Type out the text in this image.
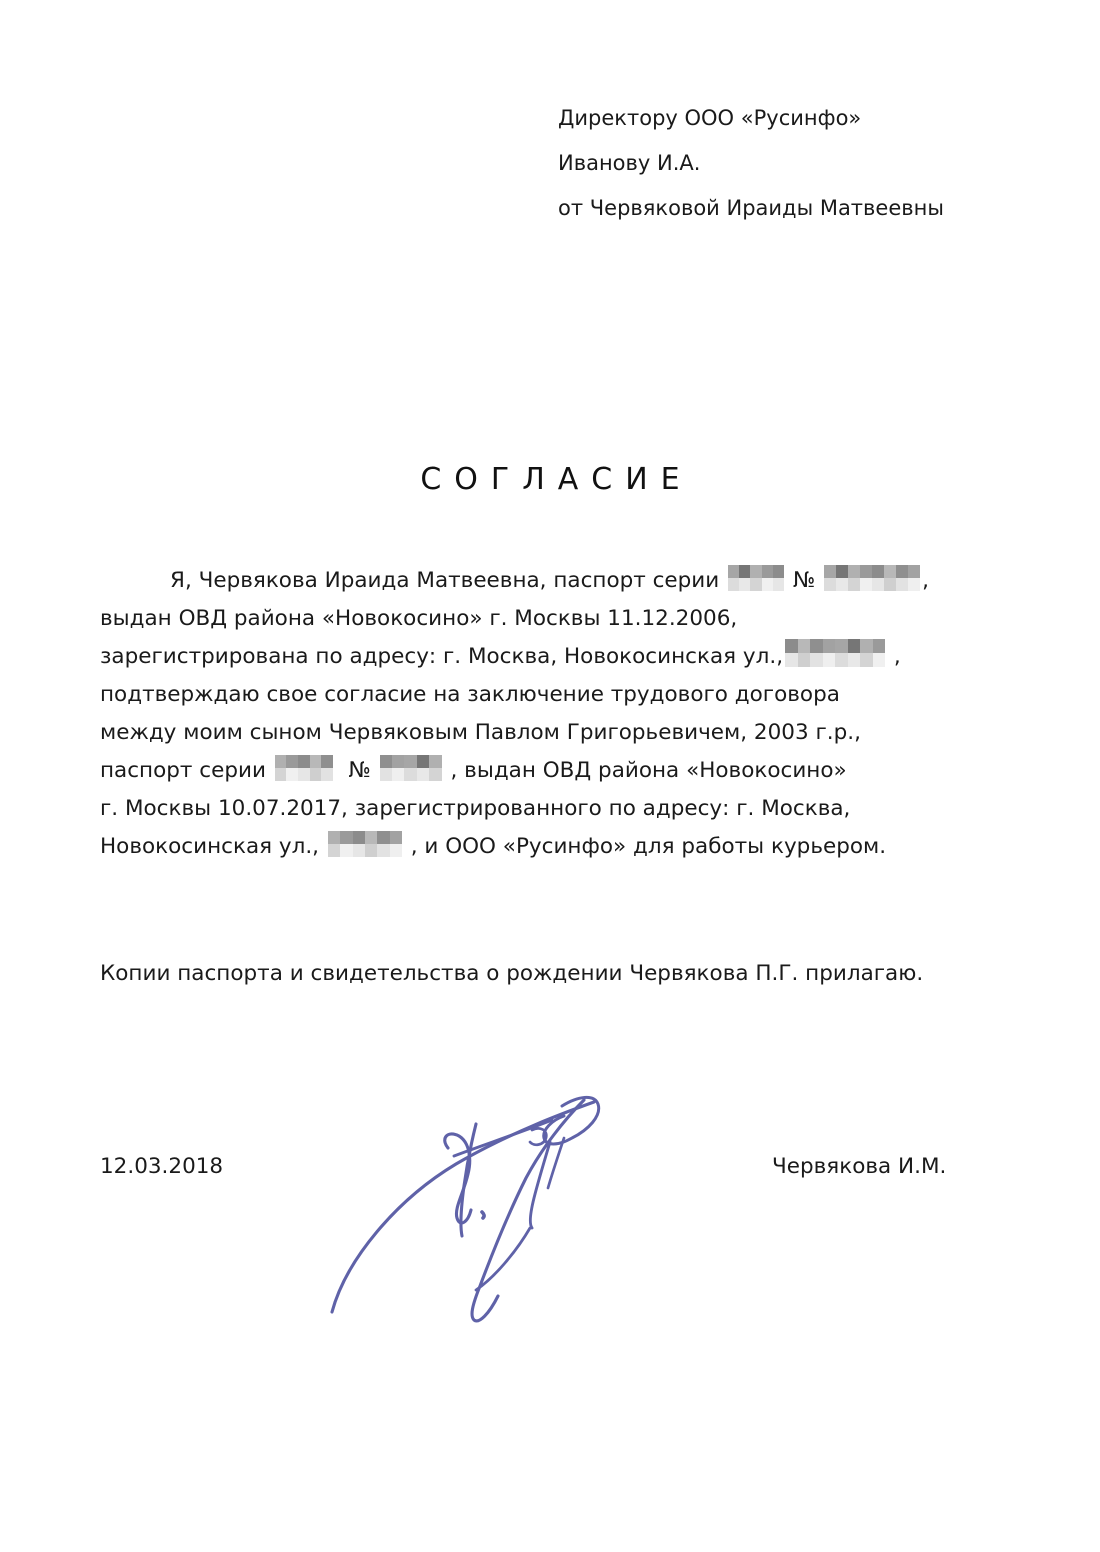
Директору ООО «Русинфо»
Иванову И.А.
от Червяковой Ираиды Матвеевны
СОГЛАСИЕ
Я, Червякова Ираида Матвеевна, паспорт серии	№	,
выдан ОВД района «Новокосино» г. Москвы 11.12.2006,
зарегистрирована по адресу: г. Москва, Новокосинская ул.,	,
подтверждаю свое согласие на заключение трудового договора
между моим сыном Червяковым Павлом Григорьевичем, 2003 г.р.,
паспорт серии	№	, выдан ОВД района «Новокосино»
г. Москвы 10.07.2017, зарегистрированного по адресу: г. Москва,
Новокосинская ул.,	, и ООО «Русинфо» для работы курьером.
Копии паспорта и свидетельства о рождении Червякова П.Г. прилагаю.
12.03.2018	Червякова И.М.
